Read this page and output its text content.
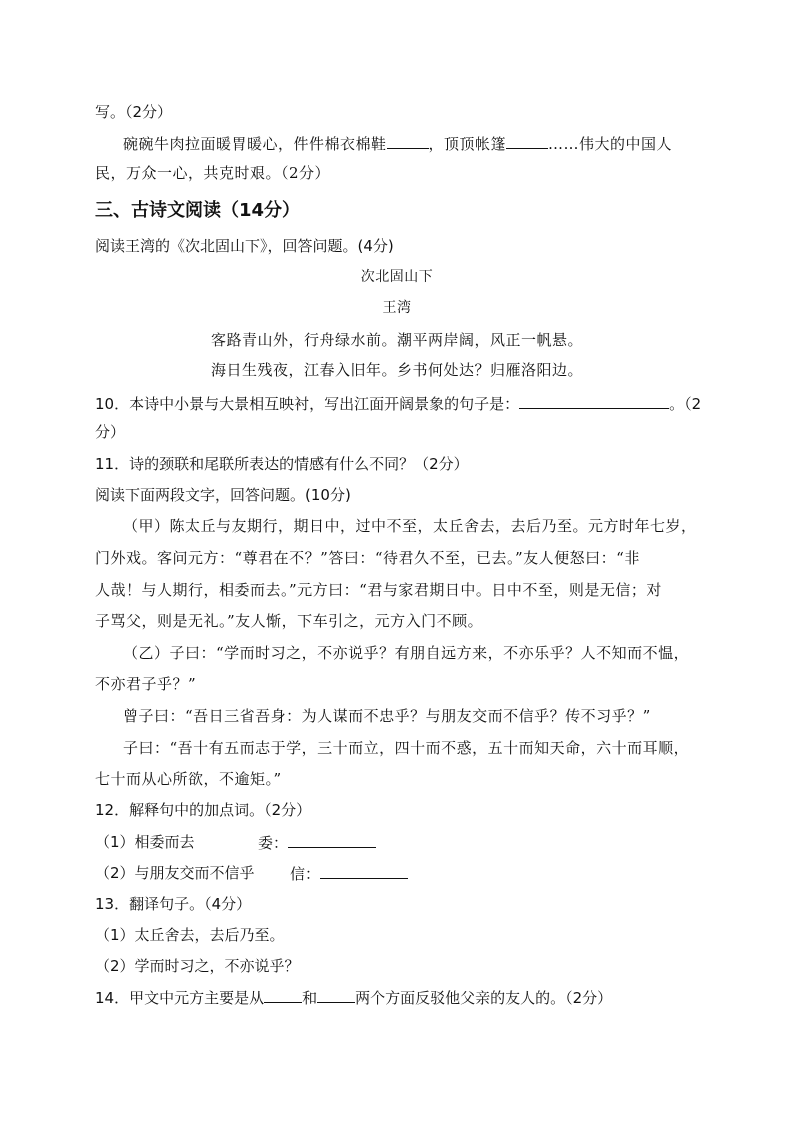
写。（2分）
碗碗牛肉拉面暖胃暖心，件件棉衣棉鞋	，顶顶帐篷	……伟大的中国人
民，万众一心，共克时艰。（2分）
三、古诗文阅读（14分）
阅读王湾的《次北固山下》，回答问题。(4分)
次北固山下
王湾
客路青山外，行舟绿水前。潮平两岸阔，风正一帆悬。
海日生残夜，江春入旧年。乡书何处达？归雁洛阳边。
10．本诗中小景与大景相互映衬，写出江面开阔景象的句子是：	。（2
分）
11．诗的颈联和尾联所表达的情感有什么不同？（2分）
阅读下面两段文字，回答问题。(10分)
（甲）陈太丘与友期行，期日中，过中不至，太丘舍去，去后乃至。元方时年七岁，
门外戏。客问元方：“尊君在不？”答曰：“待君久不至，已去。”友人便怒曰：“非
人哉！与人期行，相委而去。”元方曰：“君与家君期日中。日中不至，则是无信；对
子骂父，则是无礼。”友人惭，下车引之，元方入门不顾。
（乙）子曰：“学而时习之，不亦说乎？有朋自远方来，不亦乐乎？人不知而不愠，
不亦君子乎？”
曾子曰：“吾日三省吾身：为人谋而不忠乎？与朋友交而不信乎？传不习乎？”
子曰：“吾十有五而志于学，三十而立，四十而不惑，五十而知天命，六十而耳顺，
七十而从心所欲，不逾矩。”
12．解释句中的加点词。（2分）
（1）相委而去	委：
（2）与朋友交而不信乎 信：
13．翻译句子。（4分）
（1）太丘舍去，去后乃至。
（2）学而时习之，不亦说乎？
14．甲文中元方主要是从	和	两个方面反驳他父亲的友人的。（2分）
